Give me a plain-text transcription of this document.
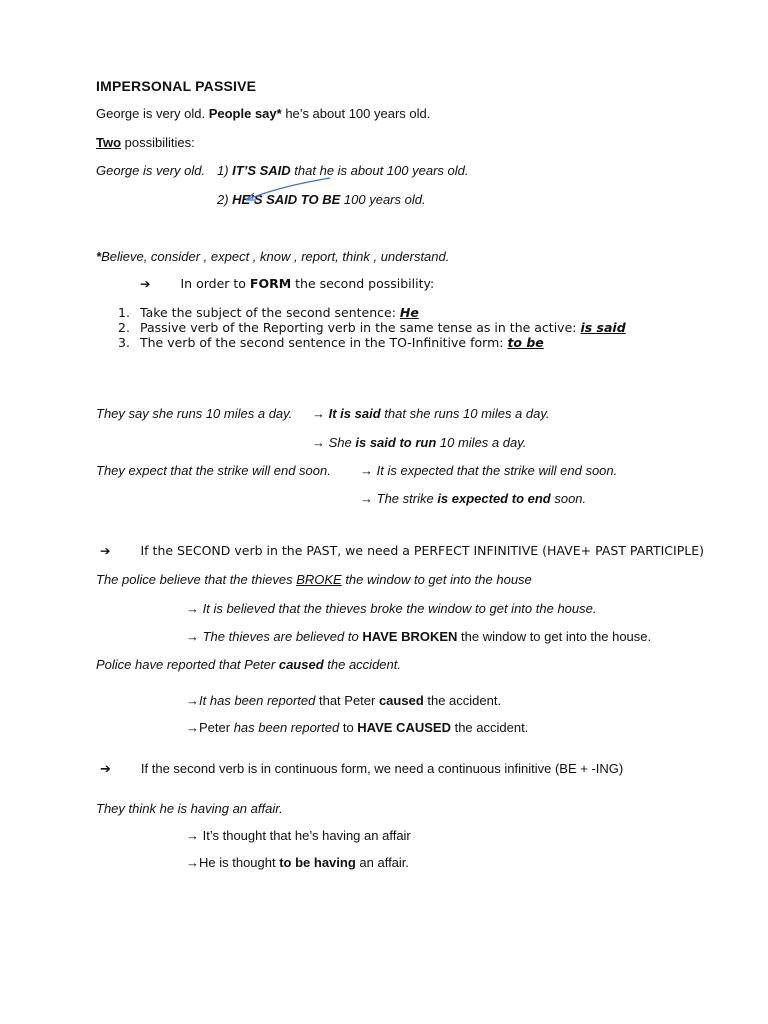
IMPERSONAL PASSIVE
George is very old. People say* he’s about 100 years old.
Two possibilities:
George is very old. 1) IT’S SAID that he is about 100 years old.
2) HE’S SAID TO BE 100 years old.
*Believe, consider , expect , know , report, think , understand.
➔ In order to FORM the second possibility:
1. Take the subject of the second sentence: He
2. Passive verb of the Reporting verb in the same tense as in the active: is said
3. The verb of the second sentence in the TO-Infinitive form: to be
They say she runs 10 miles a day. → It is said that she runs 10 miles a day.
→ She is said to run 10 miles a day.
They expect that the strike will end soon. → It is expected that the strike will end soon.
→ The strike is expected to end soon.
➔ If the SECOND verb in the PAST, we need a PERFECT INFINITIVE (HAVE+ PAST PARTICIPLE)
The police believe that the thieves BROKE the window to get into the house
→ It is believed that the thieves broke the window to get into the house.
→ The thieves are believed to HAVE BROKEN the window to get into the house.
Police have reported that Peter caused the accident.
→It has been reported that Peter caused the accident.
→Peter has been reported to HAVE CAUSED the accident.
➔ If the second verb is in continuous form, we need a continuous infinitive (BE + -ING)
They think he is having an affair.
→ It’s thought that he’s having an affair
→He is thought to be having an affair.
